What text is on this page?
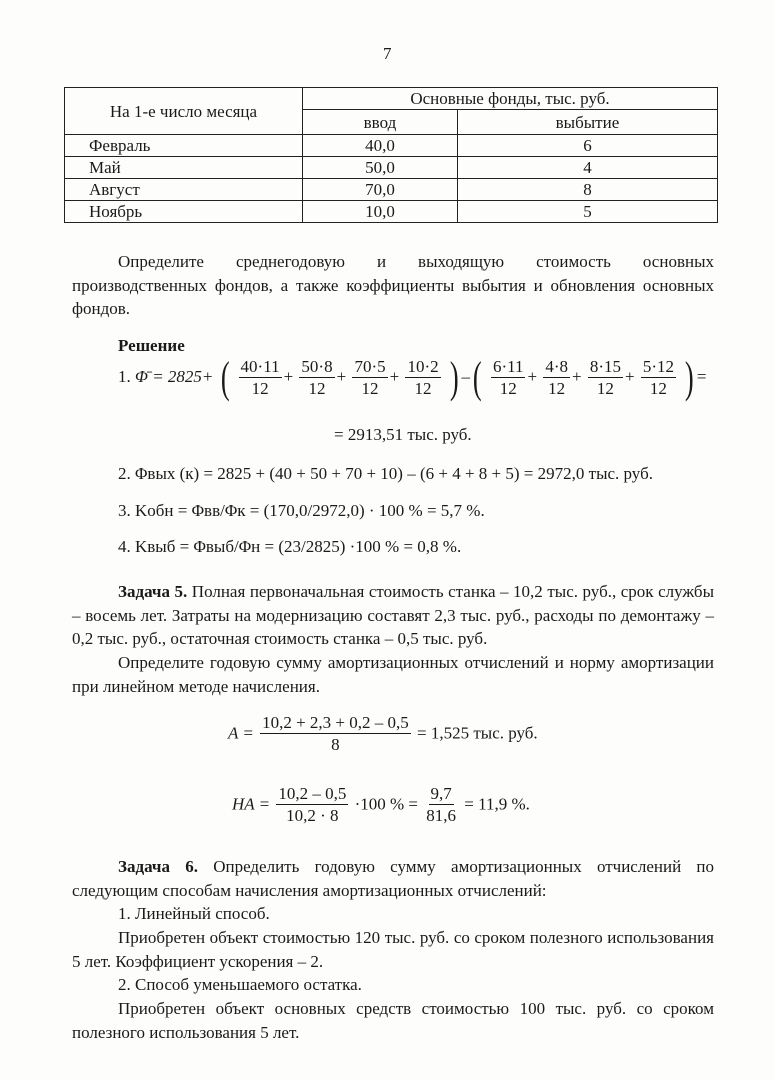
7
На 1-е число месяца	Основные фонды, тыс. руб.	
	ввод	выбытие
Февраль	40,0	6
Май	50,0	4
Август	70,0	8
Ноябрь	10,0	5
Определите среднегодовую и выходящую стоимость основных производственных фондов, а также коэффициенты выбытия и обновления основных фондов.
Решение
1. Φ̄ = 2825+ ( $\frac{40\cdot 11}{12} + \frac{50\cdot 8}{12} + \frac{70\cdot 5}{12} + \frac{10\cdot 2}{12}$ ) –( $\frac{6\cdot 11}{12} + \frac{4\cdot 8}{12} + \frac{8\cdot 15}{12} + \frac{5\cdot 12}{12}$ ) =
= 2913,51 тыс. руб.
2. Φвых (к) = 2825 + (40 + 50 + 70 + 10) – (6 + 4 + 8 + 5) = 2972,0 тыс. руб.
3. Kобн = Φвв/Φк = (170,0/2972,0) · 100 % = 5,7 %.
4. Kвыб = Φвыб/Φн = (23/2825) ·100 % = 0,8 %.
Задача 5. Полная первоначальная стоимость станка – 10,2 тыс. руб., срок службы – восемь лет. Затраты на модернизацию составят 2,3 тыс. руб., расходы по демонтажу – 0,2 тыс. руб., остаточная стоимость станка – 0,5 тыс. руб.
Определите годовую сумму амортизационных отчислений и норму амортизации при линейном методе начисления.
$A = \frac{10,2 + 2,3 + 0,2 - 0,5}{8} = 1,525$ тыс. руб.
HA = $\frac{10,2 - 0,5}{10,2 \cdot 8} \cdot 100$ % = $\frac{9,7}{81,6} = 11,9$ %.
Задача 6. Определить годовую сумму амортизационных отчислений по следующим способам начисления амортизационных отчислений:
1. Линейный способ.
Приобретен объект стоимостью 120 тыс. руб. со сроком полезного использования 5 лет. Коэффициент ускорения – 2.
2. Способ уменьшаемого остатка.
Приобретен объект основных средств стоимостью 100 тыс. руб. со сроком полезного использования 5 лет.
